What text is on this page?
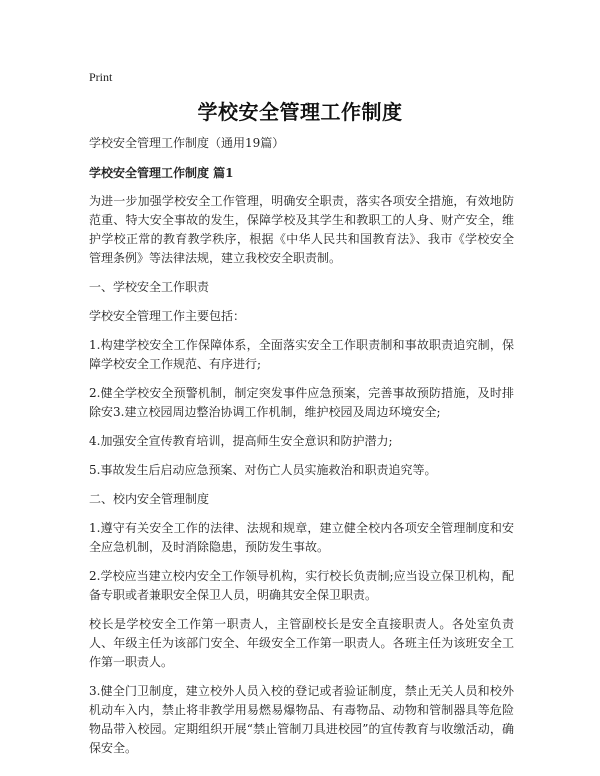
Print
学校安全管理工作制度
学校安全管理工作制度（通用19篇）
学校安全管理工作制度 篇1

为进一步加强学校安全工作管理，明确安全职责，落实各项安全措施，有效地防范重、特大安全事故的发生，保障学校及其学生和教职工的人身、财产安全，维护学校正常的教育教学秩序，根据《中华人民共和国教育法》、我市《学校安全管理条例》等法律法规，建立我校安全职责制。

一、学校安全工作职责

学校安全管理工作主要包括：

1.构建学校安全工作保障体系，全面落实安全工作职责制和事故职责追究制，保障学校安全工作规范、有序进行;

2.健全学校安全预警机制，制定突发事件应急预案，完善事故预防措施，及时排除安3.建立校园周边整治协调工作机制，维护校园及周边环境安全;

4.加强安全宣传教育培训，提高师生安全意识和防护潜力;

5.事故发生后启动应急预案、对伤亡人员实施救治和职责追究等。

二、校内安全管理制度

1.遵守有关安全工作的法律、法规和规章，建立健全校内各项安全管理制度和安全应急机制，及时消除隐患，预防发生事故。

2.学校应当建立校内安全工作领导机构，实行校长负责制;应当设立保卫机构，配备专职或者兼职安全保卫人员，明确其安全保卫职责。

校长是学校安全工作第一职责人，主管副校长是安全直接职责人。各处室负责人、年级主任为该部门安全、年级安全工作第一职责人。各班主任为该班安全工作第一职责人。

3.健全门卫制度，建立校外人员入校的登记或者验证制度，禁止无关人员和校外机动车入内，禁止将非教学用易燃易爆物品、有毒物品、动物和管制器具等危险物品带入校园。定期组织开展“禁止管制刀具进校园”的宣传教育与收缴活动，确保安全。
